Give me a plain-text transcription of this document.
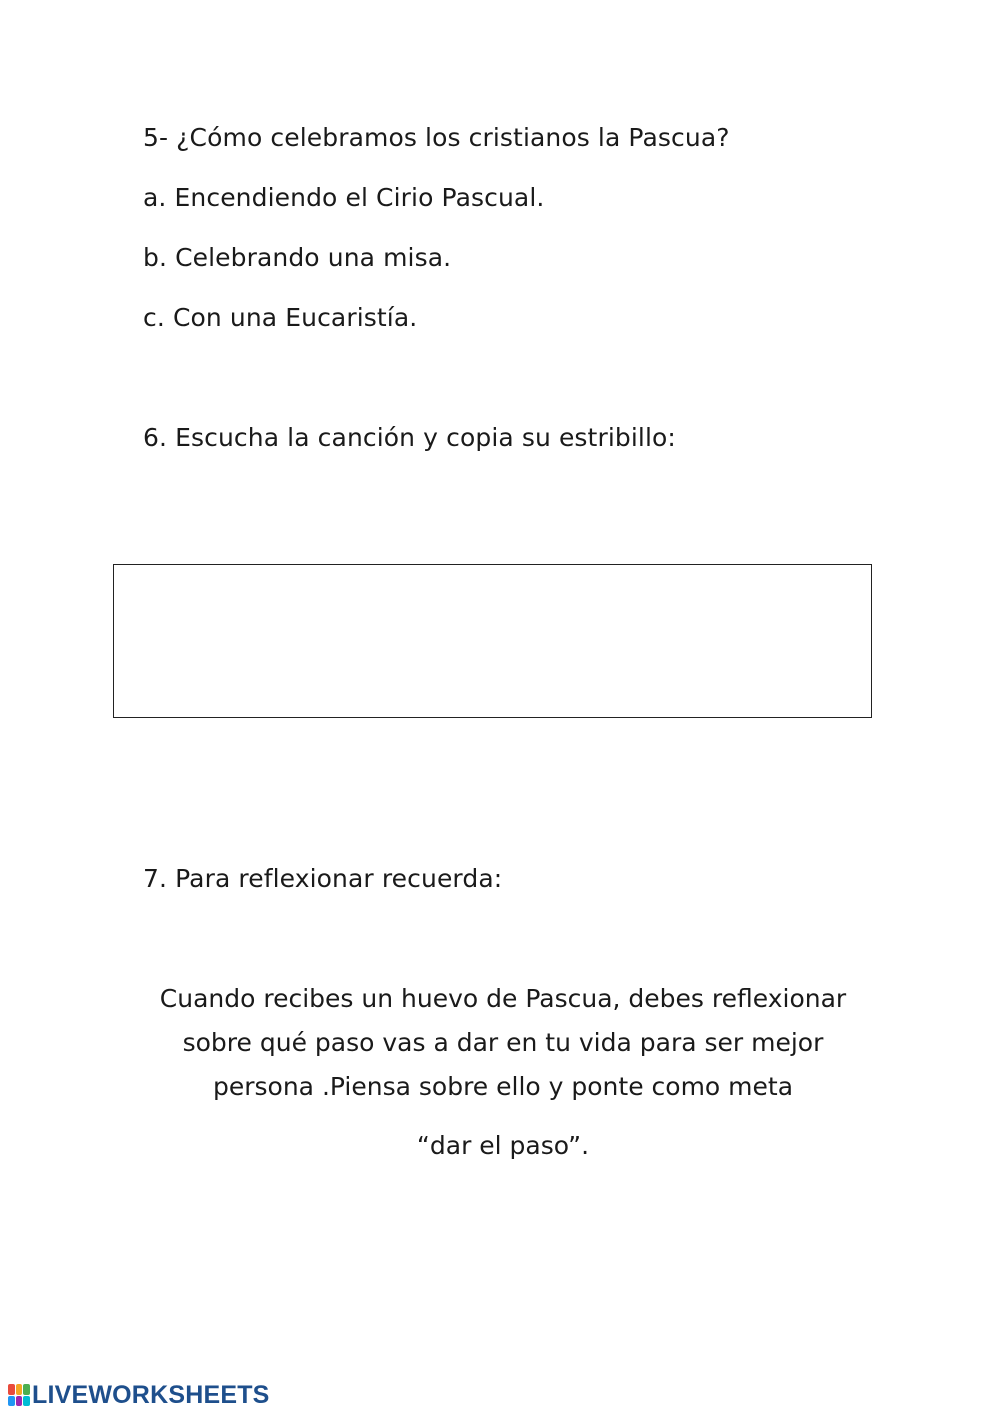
5- ¿Cómo celebramos los cristianos la Pascua?
a. Encendiendo el Cirio Pascual.
b. Celebrando una misa.
c. Con una Eucaristía.
6. Escucha la canción y copia su estribillo:
7. Para reflexionar recuerda:
Cuando recibes un huevo de Pascua, debes reflexionar
sobre qué paso vas a dar en tu vida para ser mejor
persona .Piensa sobre ello y ponte como meta
“dar el paso”.
LIVEWORKSHEETS
